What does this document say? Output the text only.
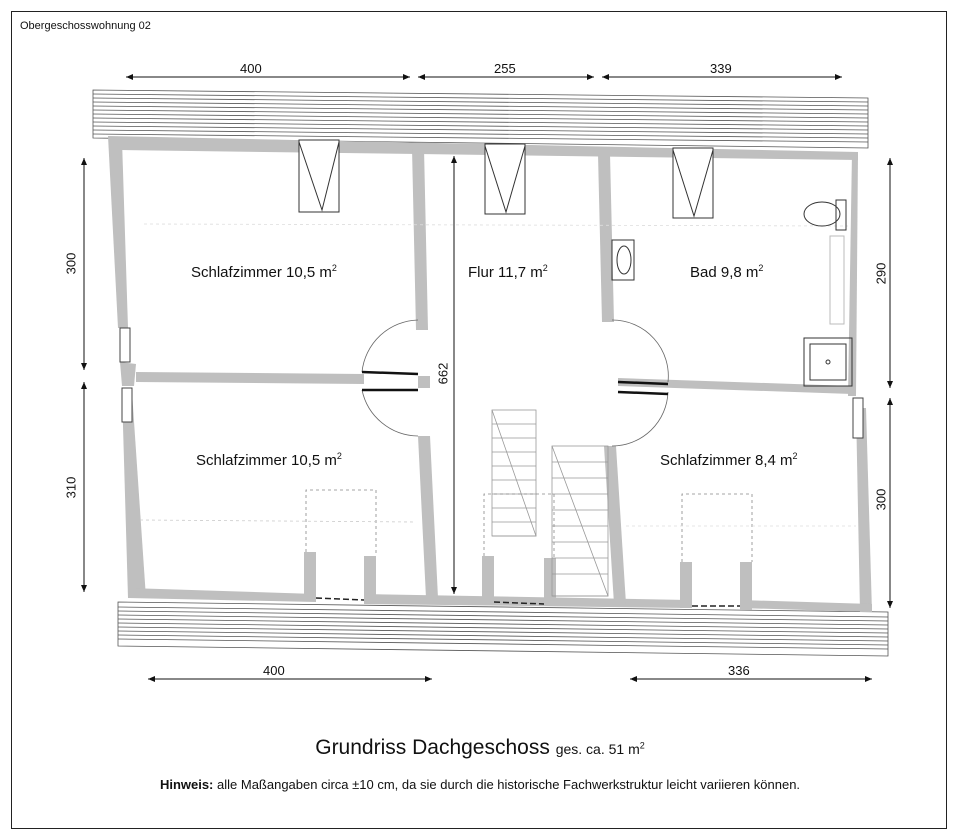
Obergeschosswohnung 02
Schlafzimmer 10,5 $m^2$	Flur 11,7 $m^2$	Bad 9,8 $m^2$
Schlafzimmer 10,5 $m^2$	Schlafzimmer 8,4 $m^2$
400	255	339
400	336
300
310
290
300
662
Grundriss Dachgeschoss ges. ca. 51 $m^2$
Hinweis: alle Maßangaben circa ±10 cm, da sie durch die historische Fachwerkstruktur leicht variieren können.
